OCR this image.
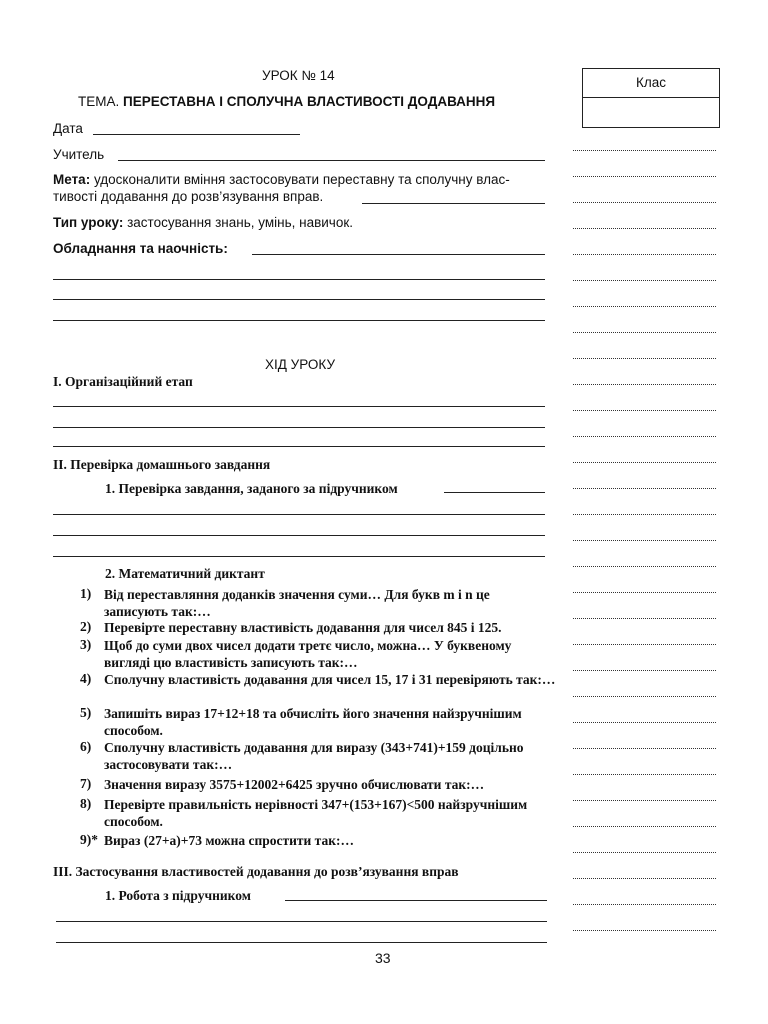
УРОК № 14
ТЕМА. ПЕРЕСТАВНА І СПОЛУЧНА ВЛАСТИВОСТІ ДОДАВАННЯ
Клас
Дата
Учитель
Мета: удосконалити вміння застосовувати переставну та сполучну влас-
тивості додавання до розв’язування вправ.
Тип уроку: застосування знань, умінь, навичок.
Обладнання та наочність:
ХІД УРОКУ
I. Організаційний етап
II. Перевірка домашнього завдання
1. Перевірка завдання, заданого за підручником
2. Математичний диктант
1) Від переставляння доданків значення суми… Для букв m і n це записують так:…
2) Перевірте переставну властивість додавання для чисел 845 і 125.
3) Щоб до суми двох чисел додати третє число, можна… У буквеному вигляді цю властивість записують так:…
4) Сполучну властивість додавання для чисел 15, 17 і 31 перевіряють так:…
5) Запишіть вираз 17+12+18 та обчисліть його значення найзручнішим способом.
6) Сполучну властивість додавання для виразу (343+741)+159 доцільно застосовувати так:…
7) Значення виразу 3575+12002+6425 зручно обчислювати так:…
8) Перевірте правильність нерівності 347+(153+167)<500 найзручнішим способом.
9)* Вираз (27+a)+73 можна спростити так:…
III. Застосування властивостей додавання до розв’язування вправ
1. Робота з підручником
33
